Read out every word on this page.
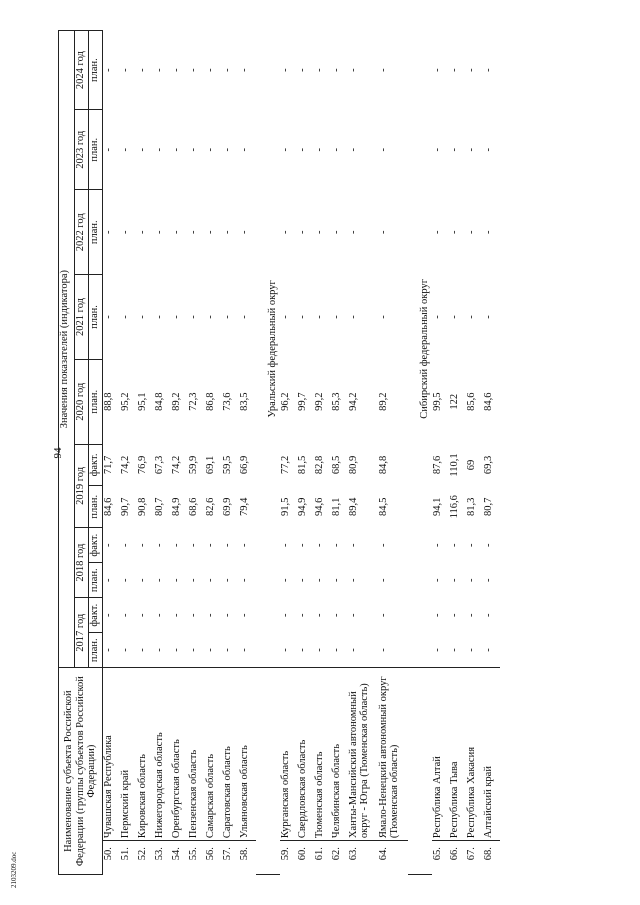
94
2103209.doc
Наименование субъекта Российской Федерации (группы субъектов Российской Федерации)		Значения показателей (индикатора)										
		2017 год		2018 год		2019 год		2020 год	2021 год	2022 год	2023 год	2024 год
		план.	факт.	план.	факт.	план.	факт.	план.	план.	план.	план.	план.
50.	Чувашская Республика	-	-	-	-	84,6	71,7	88,8	-	-	-	-
51.	Пермский край	-	-	-	-	90,7	74,2	95,2	-	-	-	-
52.	Кировская область	-	-	-	-	90,8	76,9	95,1	-	-	-	-
53.	Нижегородская область	-	-	-	-	80,7	67,3	84,8	-	-	-	-
54.	Оренбургская область	-	-	-	-	84,9	74,2	89,2	-	-	-	-
55.	Пензенская область	-	-	-	-	68,6	59,9	72,3	-	-	-	-
56.	Самарская область	-	-	-	-	82,6	69,1	86,8	-	-	-	-
57.	Саратовская область	-	-	-	-	69,9	59,5	73,6	-	-	-	-
58.	Ульяновская область	-	-	-	-	79,4	66,9	83,5	-	-	-	-
		Уральский федеральный округ										
59.	Курганская область	-	-	-	-	91,5	77,2	96,2	-	-	-	-
60.	Свердловская область	-	-	-	-	94,9	81,5	99,7	-	-	-	-
61.	Тюменская область	-	-	-	-	94,6	82,8	99,2	-	-	-	-
62.	Челябинская область	-	-	-	-	81,1	68,5	85,3	-	-	-	-
63.	Ханты-Мансийский автономный округ - Югра (Тюменская область)	-	-	-	-	89,4	80,9	94,2	-	-	-	-
64.	Ямало-Ненецкий автономный округ (Тюменская область)	-	-	-	-	84,5	84,8	89,2	-	-	-	-
		Сибирский федеральный округ										
65.	Республика Алтай	-	-	-	-	94,1	87,6	99,5	-	-	-	-
66.	Республика Тыва	-	-	-	-	116,6	110,1	122	-	-	-	-
67.	Республика Хакасия	-	-	-	-	81,3	69	85,6	-	-	-	-
68.	Алтайский край	-	-	-	-	80,7	69,3	84,6	-	-	-	-
